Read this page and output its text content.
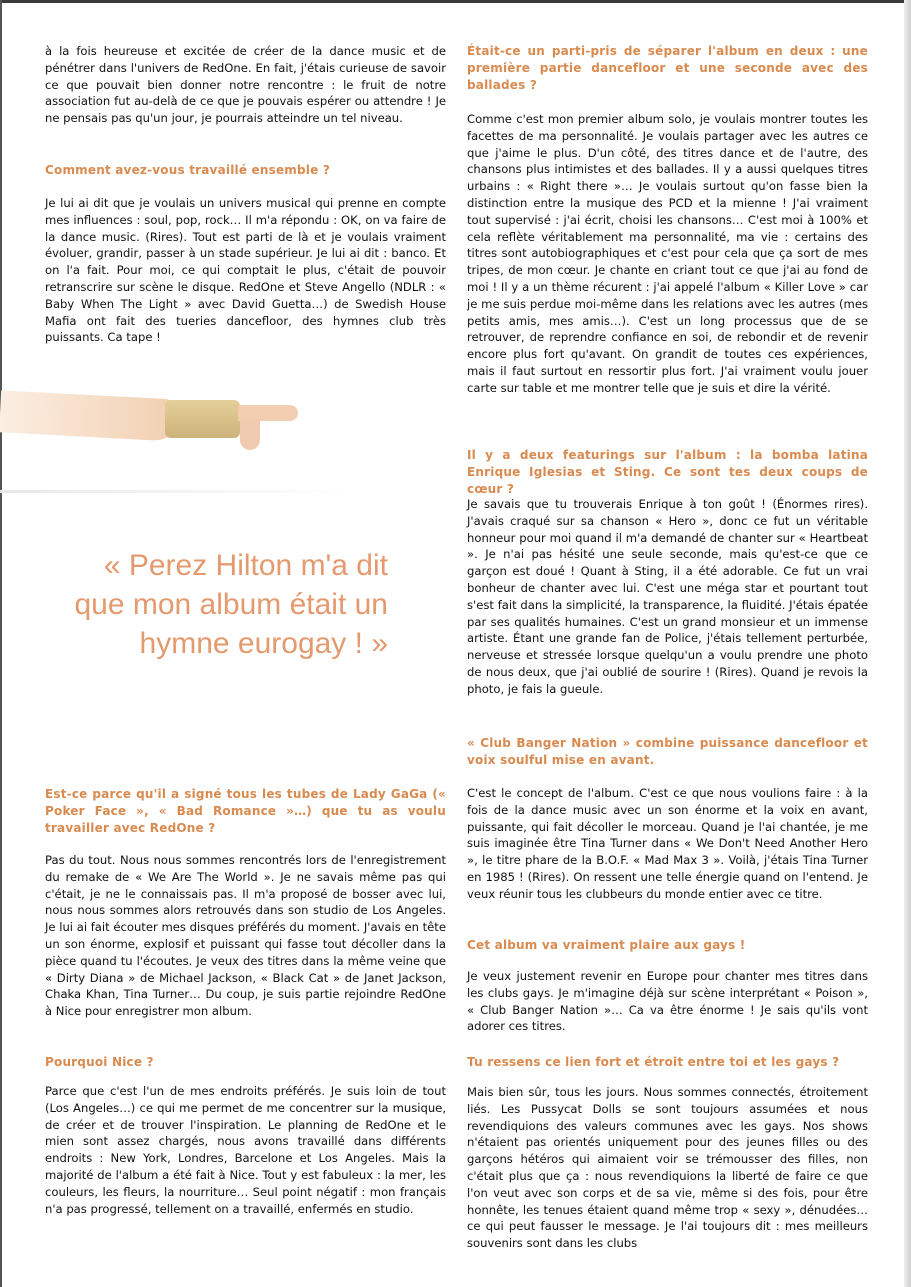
à la fois heureuse et excitée de créer de la dance music et de pénétrer dans l'univers de RedOne. En fait, j'étais curieuse de savoir ce que pouvait bien donner notre rencontre : le fruit de notre association fut au-delà de ce que je pouvais espérer ou attendre ! Je ne pensais pas qu'un jour, je pourrais atteindre un tel niveau.
Comment avez-vous travaillé ensemble ?
Je lui ai dit que je voulais un univers musical qui prenne en compte mes influences : soul, pop, rock… Il m'a répondu : OK, on va faire de la dance music. (Rires). Tout est parti de là et je voulais vraiment évoluer, grandir, passer à un stade supérieur. Je lui ai dit : banco. Et on l'a fait. Pour moi, ce qui comptait le plus, c'était de pouvoir retranscrire sur scène le disque. RedOne et Steve Angello (NDLR : « Baby When The Light » avec David Guetta…) de Swedish House Mafia ont fait des tueries dancefloor, des hymnes club très puissants. Ca tape !
« Perez Hilton m'a dit que mon album était un hymne eurogay ! »
Est-ce parce qu'il a signé tous les tubes de Lady GaGa (« Poker Face », « Bad Romance »…) que tu as voulu travailler avec RedOne ?
Pas du tout. Nous nous sommes rencontrés lors de l'enregistrement du remake de « We Are The World ». Je ne savais même pas qui c'était, je ne le connaissais pas. Il m'a proposé de bosser avec lui, nous nous sommes alors retrouvés dans son studio de Los Angeles. Je lui ai fait écouter mes disques préférés du moment. J'avais en tête un son énorme, explosif et puissant qui fasse tout décoller dans la pièce quand tu l'écoutes. Je veux des titres dans la même veine que « Dirty Diana » de Michael Jackson, « Black Cat » de Janet Jackson, Chaka Khan, Tina Turner… Du coup, je suis partie rejoindre RedOne à Nice pour enregistrer mon album.
Pourquoi Nice ?
Parce que c'est l'un de mes endroits préférés. Je suis loin de tout (Los Angeles…) ce qui me permet de me concentrer sur la musique, de créer et de trouver l'inspiration. Le planning de RedOne et le mien sont assez chargés, nous avons travaillé dans différents endroits : New York, Londres, Barcelone et Los Angeles. Mais la majorité de l'album a été fait à Nice. Tout y est fabuleux : la mer, les couleurs, les fleurs, la nourriture… Seul point négatif : mon français n'a pas progressé, tellement on a travaillé, enfermés en studio.
Était-ce un parti-pris de séparer l'album en deux : une première partie dancefloor et une seconde avec des ballades ?
Comme c'est mon premier album solo, je voulais montrer toutes les facettes de ma personnalité. Je voulais partager avec les autres ce que j'aime le plus. D'un côté, des titres dance et de l'autre, des chansons plus intimistes et des ballades. Il y a aussi quelques titres urbains : « Right there »… Je voulais surtout qu'on fasse bien la distinction entre la musique des PCD et la mienne ! J'ai vraiment tout supervisé : j'ai écrit, choisi les chansons… C'est moi à 100% et cela reflète véritablement ma personnalité, ma vie : certains des titres sont autobiographiques et c'est pour cela que ça sort de mes tripes, de mon cœur. Je chante en criant tout ce que j'ai au fond de moi ! Il y a un thème récurent : j'ai appelé l'album « Killer Love » car je me suis perdue moi-même dans les relations avec les autres (mes petits amis, mes amis…). C'est un long processus que de se retrouver, de reprendre confiance en soi, de rebondir et de revenir encore plus fort qu'avant. On grandit de toutes ces expériences, mais il faut surtout en ressortir plus fort. J'ai vraiment voulu jouer carte sur table et me montrer telle que je suis et dire la vérité.
Il y a deux featurings sur l'album : la bomba latina Enrique Iglesias et Sting. Ce sont tes deux coups de cœur ?
Je savais que tu trouverais Enrique à ton goût ! (Énormes rires). J'avais craqué sur sa chanson « Hero », donc ce fut un véritable honneur pour moi quand il m'a demandé de chanter sur « Heartbeat ». Je n'ai pas hésité une seule seconde, mais qu'est-ce que ce garçon est doué ! Quant à Sting, il a été adorable. Ce fut un vrai bonheur de chanter avec lui. C'est une méga star et pourtant tout s'est fait dans la simplicité, la transparence, la fluidité. J'étais épatée par ses qualités humaines. C'est un grand monsieur et un immense artiste. Étant une grande fan de Police, j'étais tellement perturbée, nerveuse et stressée lorsque quelqu'un a voulu prendre une photo de nous deux, que j'ai oublié de sourire ! (Rires). Quand je revois la photo, je fais la gueule.
« Club Banger Nation » combine puissance dancefloor et voix soulful mise en avant.
C'est le concept de l'album. C'est ce que nous voulions faire : à la fois de la dance music avec un son énorme et la voix en avant, puissante, qui fait décoller le morceau. Quand je l'ai chantée, je me suis imaginée être Tina Turner dans « We Don't Need Another Hero », le titre phare de la B.O.F. « Mad Max 3 ». Voilà, j'étais Tina Turner en 1985 ! (Rires). On ressent une telle énergie quand on l'entend. Je veux réunir tous les clubbeurs du monde entier avec ce titre.
Cet album va vraiment plaire aux gays !
Je veux justement revenir en Europe pour chanter mes titres dans les clubs gays. Je m'imagine déjà sur scène interprétant « Poison », « Club Banger Nation »… Ca va être énorme ! Je sais qu'ils vont adorer ces titres.
Tu ressens ce lien fort et étroit entre toi et les gays ?
Mais bien sûr, tous les jours. Nous sommes connectés, étroitement liés. Les Pussycat Dolls se sont toujours assumées et nous revendiquions des valeurs communes avec les gays. Nos shows n'étaient pas orientés uniquement pour des jeunes filles ou des garçons hétéros qui aimaient voir se trémousser des filles, non c'était plus que ça : nous revendiquions la liberté de faire ce que l'on veut avec son corps et de sa vie, même si des fois, pour être honnête, les tenues étaient quand même trop « sexy », dénudées… ce qui peut fausser le message. Je l'ai toujours dit : mes meilleurs souvenirs sont dans les clubs
